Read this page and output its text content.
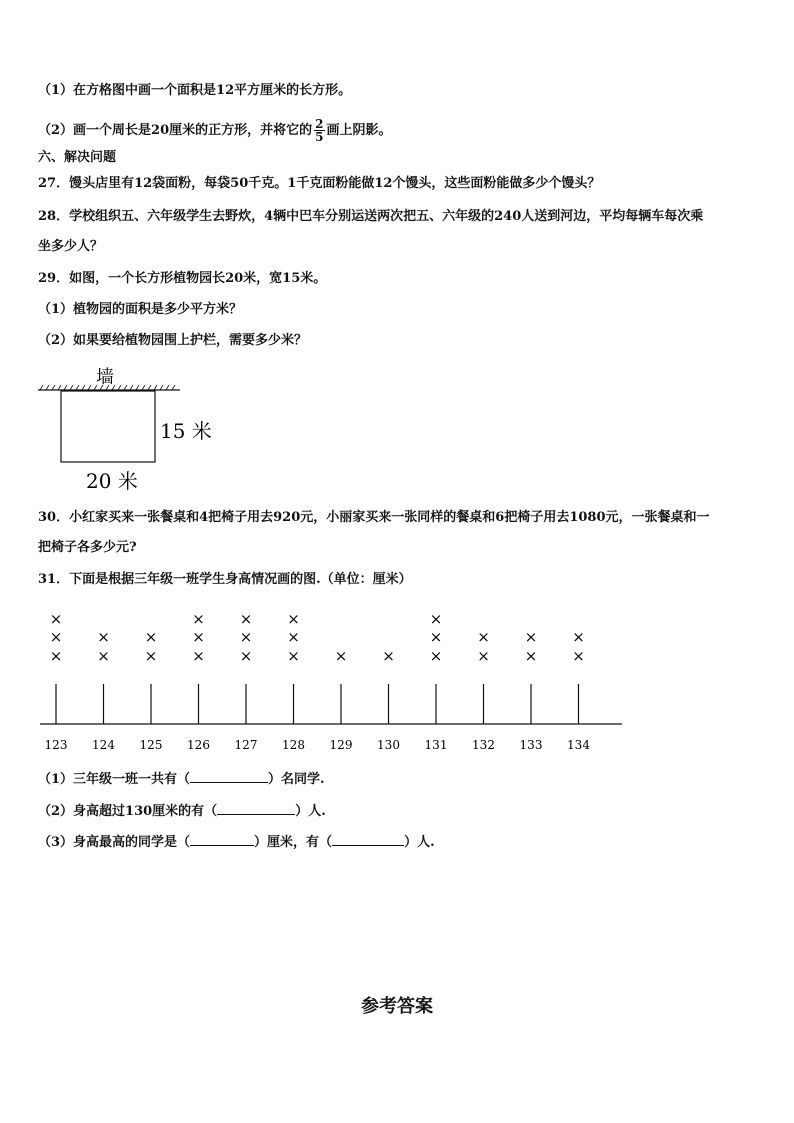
（1）在方格图中画一个面积是12平方厘米的长方形。
（2）画一个周长是20厘米的正方形，并将它的 $\frac{2}{5}$ 画上阴影。
六、解决问题
27．馒头店里有12袋面粉，每袋50千克。1千克面粉能做12个馒头，这些面粉能做多少个馒头？
28．学校组织五、六年级学生去野炊，4辆中巴车分别运送两次把五、六年级的240人送到河边，平均每辆车每次乘
坐多少人？
29．如图，一个长方形植物园长20米，宽15米。
（1）植物园的面积是多少平方米？
（2）如果要给植物园围上护栏，需要多少米？
墙
15 米
20 米
30．小红家买来一张餐桌和4把椅子用去920元，小丽家买来一张同样的餐桌和6把椅子用去1080元，一张餐桌和一
把椅子各多少元?
31．下面是根据三年级一班学生身高情况画的图.（单位：厘米）
123
×
×
×
124
×
×
125
×
×
126
×
×
×
127
×
×
×
128
×
×
×
129
×
130
×
131
×
×
×
132
×
×
133
×
×
134
×
×
（1）三年级一班一共有（	）名同学.
（2）身高超过130厘米的有（	）人.
（3）身高最高的同学是（	）厘米，有（	）人.
参考答案
